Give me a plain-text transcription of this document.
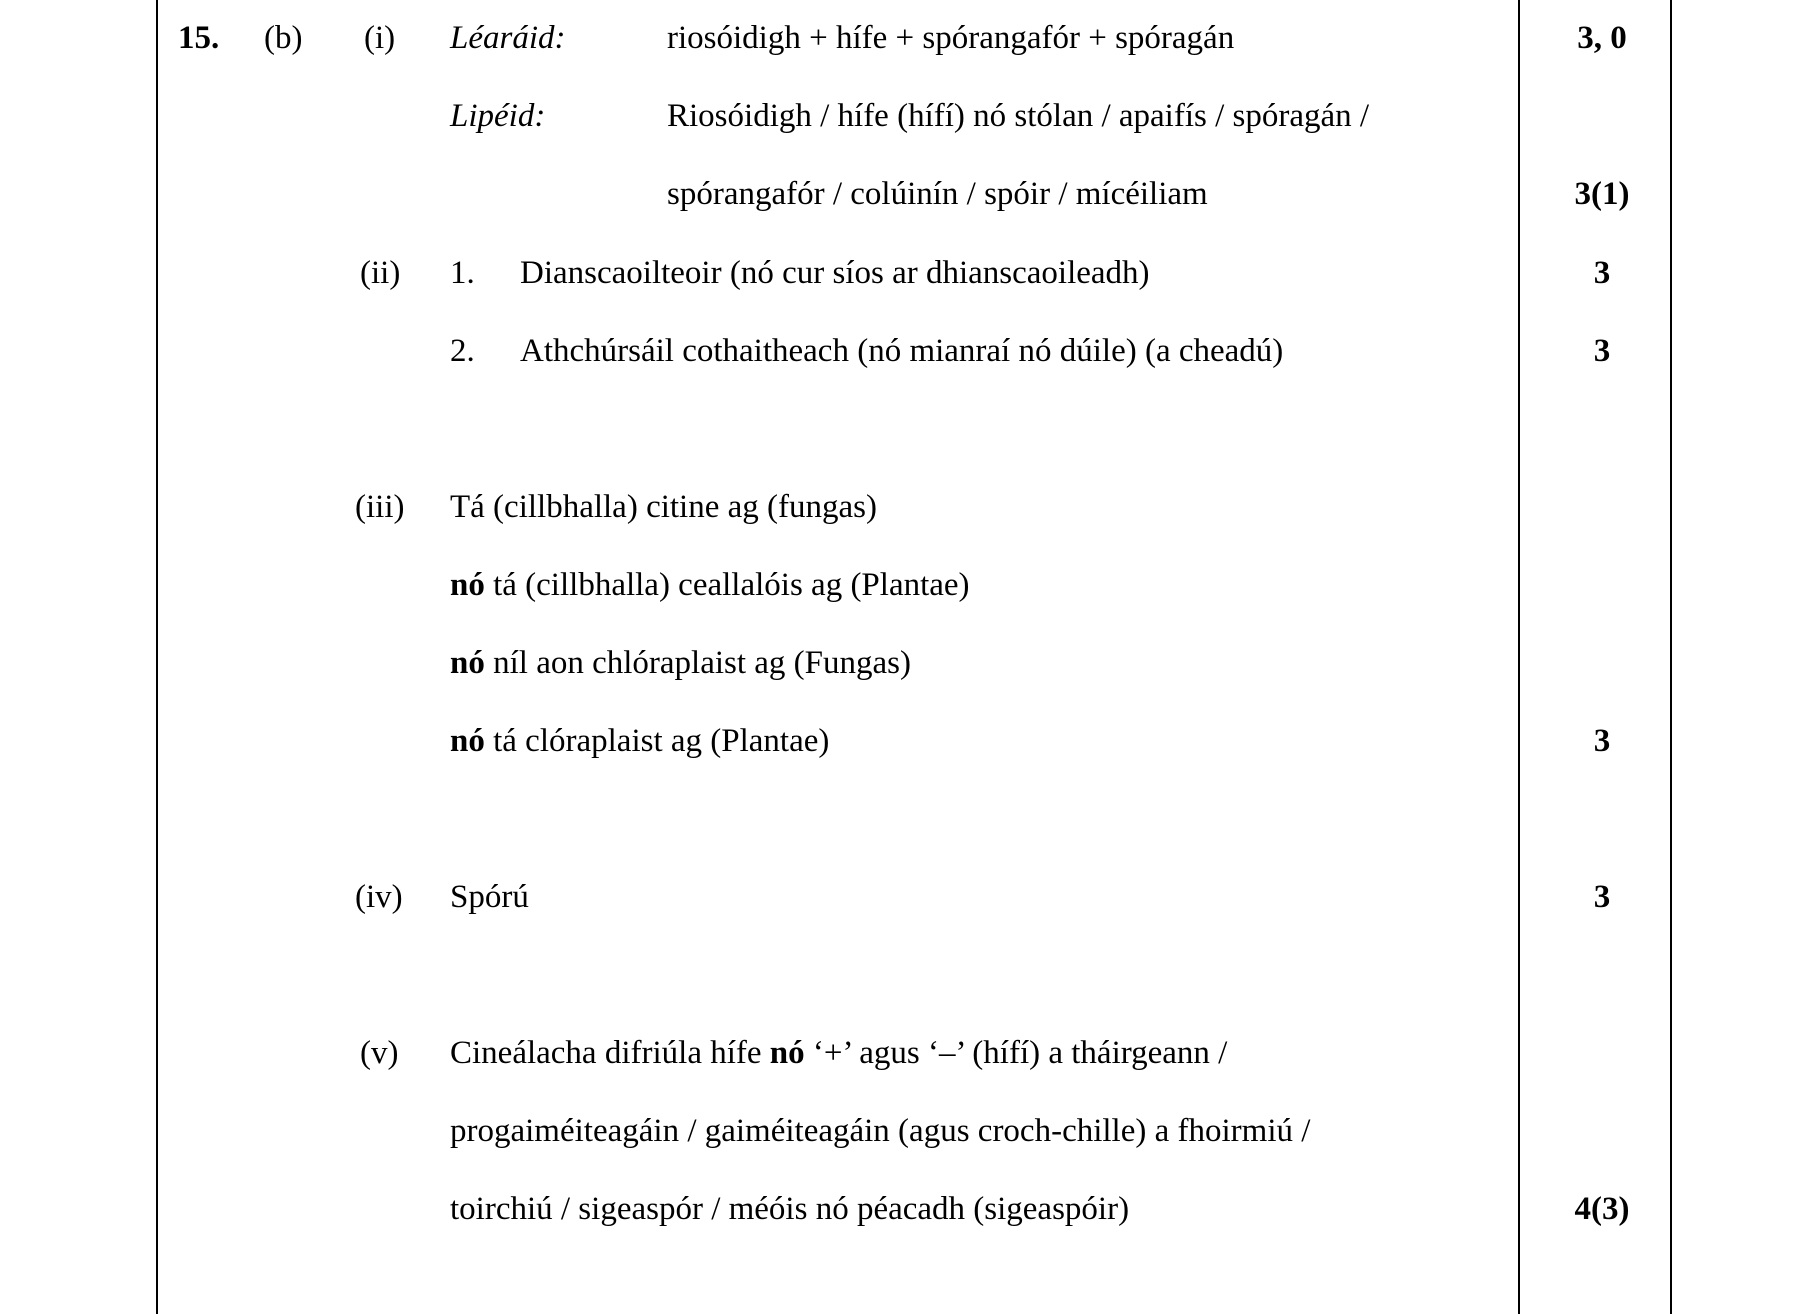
15. (b) (i) Léaráid:	riosóidigh + hífe + spórangafór + spóragán	3, 0
Lipéid:	Riosóidigh / hífe (hífí) nó stólan / apaifís / spóragán /
spórangafór / colúinín / spóir / mícéiliam	3(1)
(ii) 1. Dianscaoilteoir (nó cur síos ar dhianscaoileadh)	3
2. Athchúrsáil cothaitheach (nó mianraí nó dúile) (a cheadú)	3
(iii) Tá (cillbhalla) citine ag (fungas)
nó tá (cillbhalla) ceallalóis ag (Plantae)
nó níl aon chlóraplaist ag (Fungas)
nó tá clóraplaist ag (Plantae)	3
(iv) Spórú	3
(v) Cineálacha difriúla hífe nó ‘+’ agus ‘–’ (hífí) a tháirgeann /
progaiméiteagáin / gaiméiteagáin (agus croch-chille) a fhoirmiú /
toirchiú / sigeaspór / méóis nó péacadh (sigeaspóir)	4(3)
